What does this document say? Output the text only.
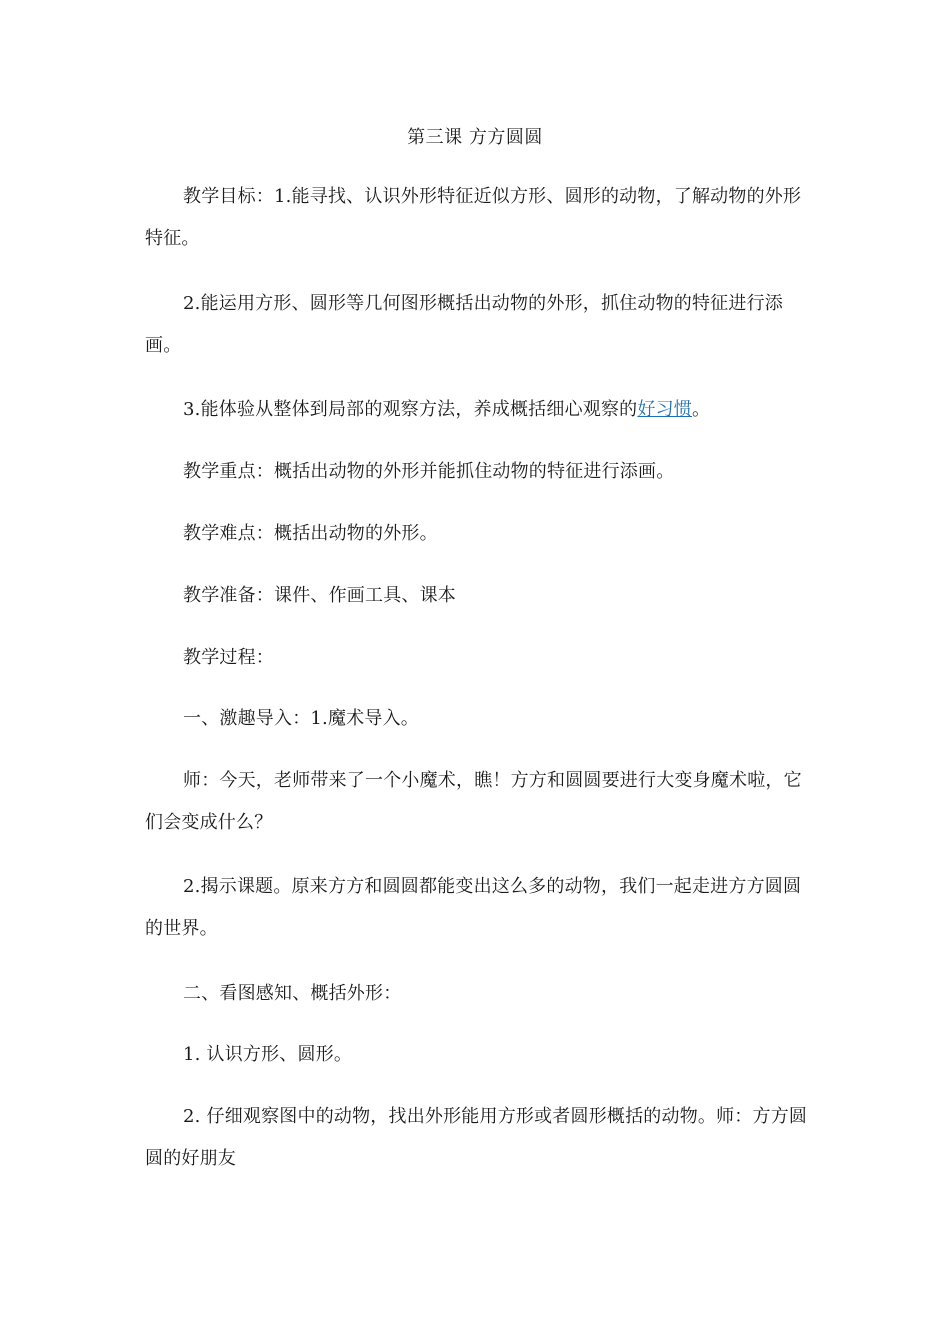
第三课 方方圆圆

教学目标：1.能寻找、认识外形特征近似方形、圆形的动物，了解动物的外形特征。

2.能运用方形、圆形等几何图形概括出动物的外形，抓住动物的特征进行添画。

3.能体验从整体到局部的观察方法，养成概括细心观察的好习惯。

教学重点：概括出动物的外形并能抓住动物的特征进行添画。

教学难点：概括出动物的外形。

教学准备：课件、作画工具、课本

教学过程：

一、激趣导入：1.魔术导入。

师：今天，老师带来了一个小魔术，瞧！方方和圆圆要进行大变身魔术啦，它们会变成什么？

2.揭示课题。原来方方和圆圆都能变出这么多的动物，我们一起走进方方圆圆的世界。

二、看图感知、概括外形：

1. 认识方形、圆形。

2. 仔细观察图中的动物，找出外形能用方形或者圆形概括的动物。师：方方圆圆的好朋友
